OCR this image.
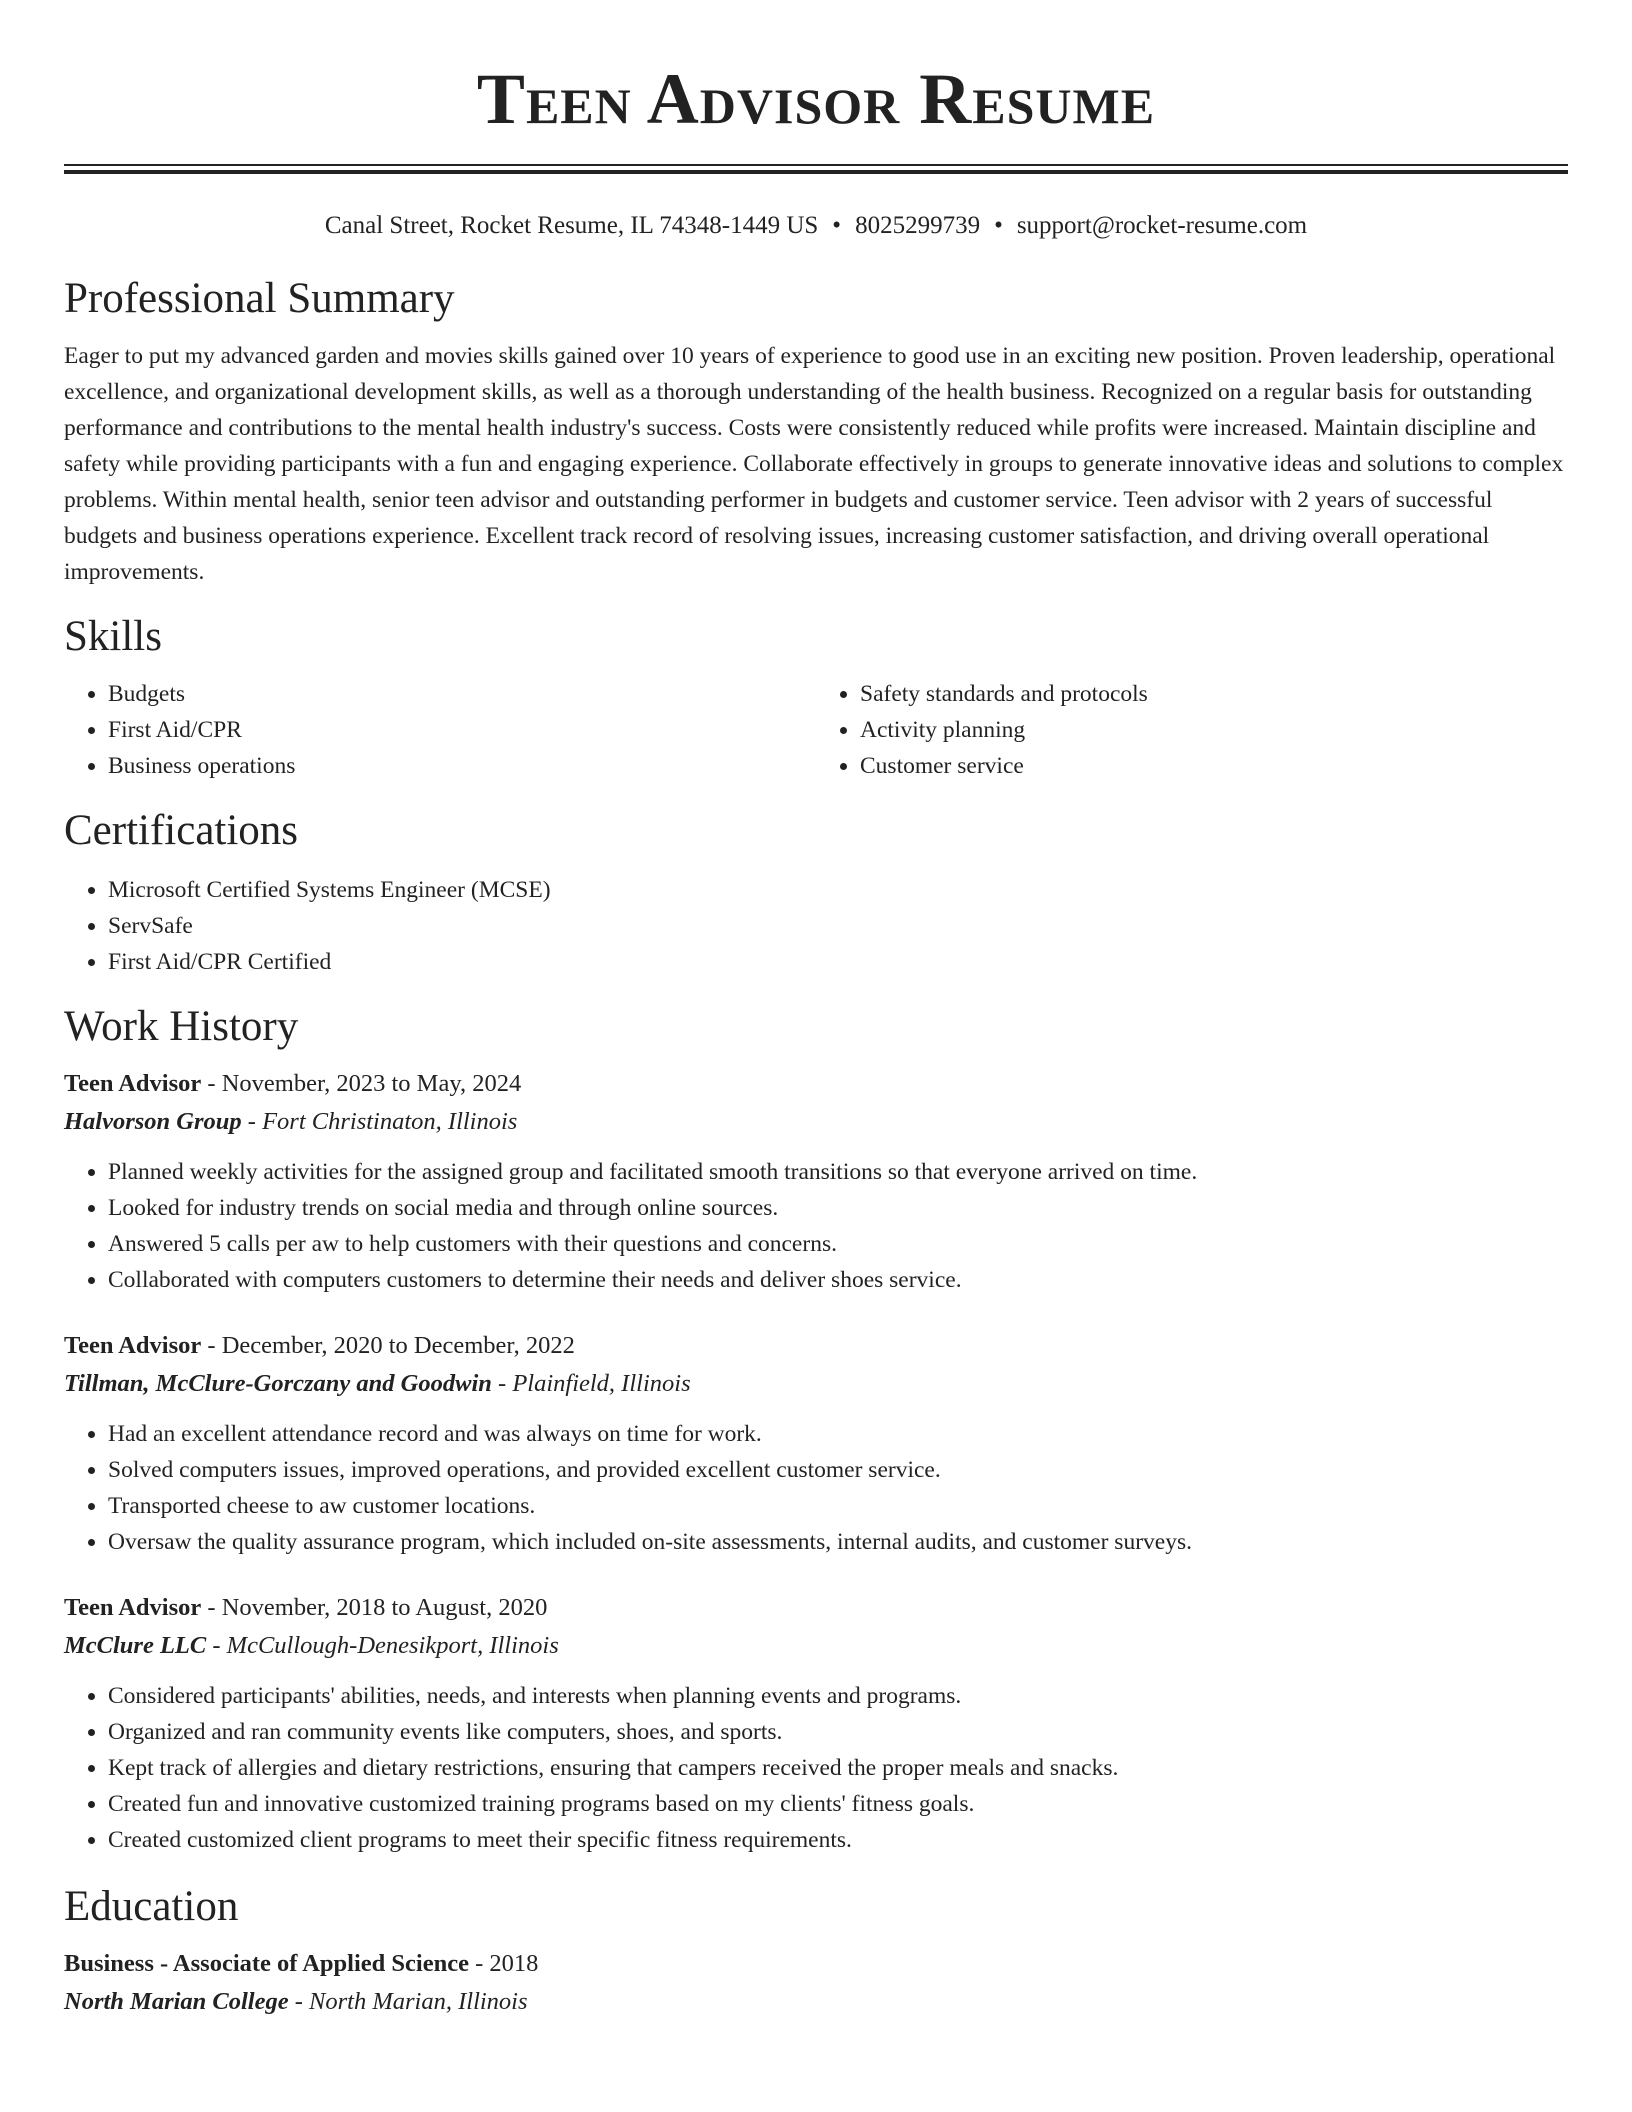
Teen Advisor Resume
Canal Street, Rocket Resume, IL 74348-1449 US • 8025299739 • support@rocket-resume.com
Professional Summary

Eager to put my advanced garden and movies skills gained over 10 years of experience to good use in an exciting new position. Proven leadership, operational excellence, and organizational development skills, as well as a thorough understanding of the health business. Recognized on a regular basis for outstanding performance and contributions to the mental health industry's success. Costs were consistently reduced while profits were increased. Maintain discipline and safety while providing participants with a fun and engaging experience. Collaborate effectively in groups to generate innovative ideas and solutions to complex problems. Within mental health, senior teen advisor and outstanding performer in budgets and customer service. Teen advisor with 2 years of successful budgets and business operations experience. Excellent track record of resolving issues, increasing customer satisfaction, and driving overall operational improvements.

Skills
• Budgets
• First Aid/CPR
• Business operations
• Safety standards and protocols
• Activity planning
• Customer service
Certifications
• Microsoft Certified Systems Engineer (MCSE)
• ServSafe
• First Aid/CPR Certified
Work History
Teen Advisor - November, 2023 to May, 2024
Halvorson Group - Fort Christinaton, Illinois
• Planned weekly activities for the assigned group and facilitated smooth transitions so that everyone arrived on time.
• Looked for industry trends on social media and through online sources.
• Answered 5 calls per aw to help customers with their questions and concerns.
• Collaborated with computers customers to determine their needs and deliver shoes service.
Teen Advisor - December, 2020 to December, 2022
Tillman, McClure-Gorczany and Goodwin - Plainfield, Illinois
• Had an excellent attendance record and was always on time for work.
• Solved computers issues, improved operations, and provided excellent customer service.
• Transported cheese to aw customer locations.
• Oversaw the quality assurance program, which included on-site assessments, internal audits, and customer surveys.
Teen Advisor - November, 2018 to August, 2020
McClure LLC - McCullough-Denesikport, Illinois
• Considered participants' abilities, needs, and interests when planning events and programs.
• Organized and ran community events like computers, shoes, and sports.
• Kept track of allergies and dietary restrictions, ensuring that campers received the proper meals and snacks.
• Created fun and innovative customized training programs based on my clients' fitness goals.
• Created customized client programs to meet their specific fitness requirements.
Education
Business - Associate of Applied Science - 2018
North Marian College - North Marian, Illinois
